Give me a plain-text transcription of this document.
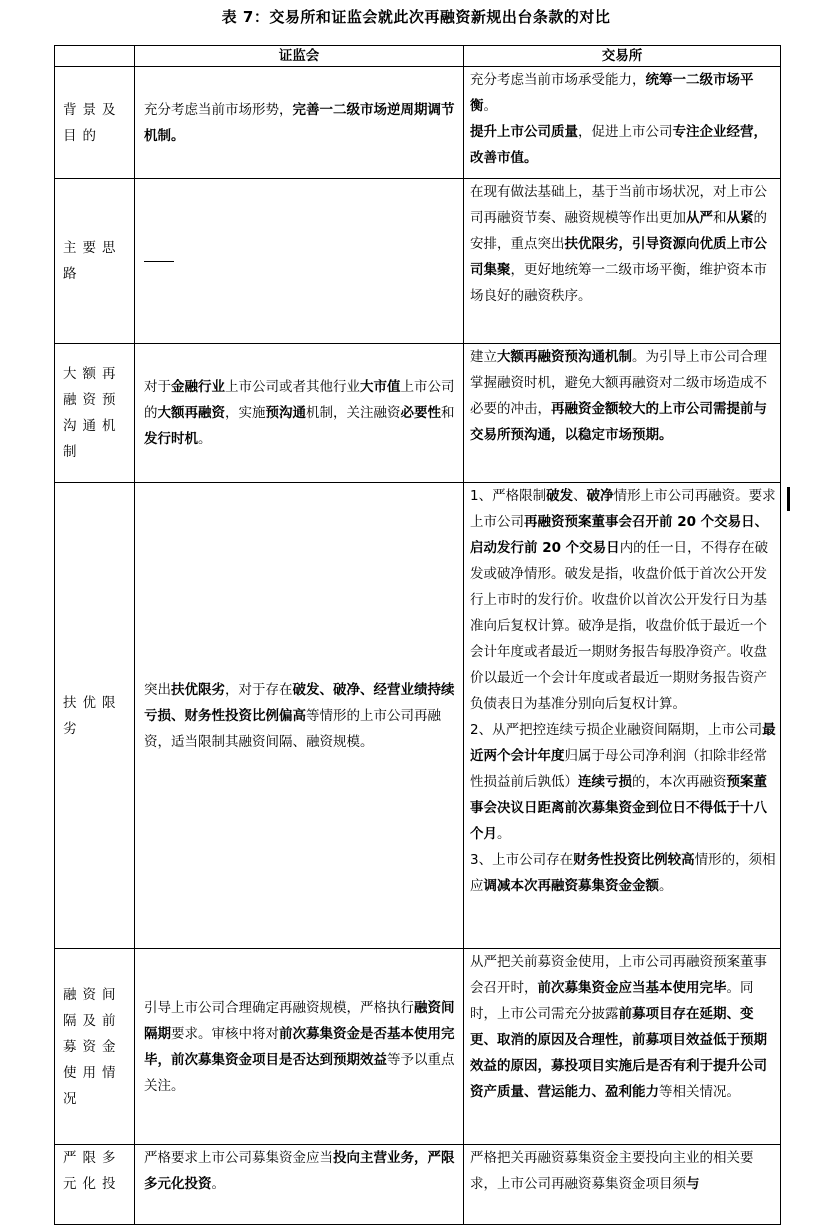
表 7：交易所和证监会就此次再融资新规出台条款的对比
	证监会	交易所
背景及目的	充分考虑当前市场形势，完善一二级市场逆周期调节机制。	充分考虑当前市场承受能力，统筹一二级市场平衡。
提升上市公司质量，促进上市公司专注企业经营，改善市值。
主要思路		在现有做法基础上，基于当前市场状况，对上市公司再融资节奏、融资规模等作出更加从严和从紧的安排，重点突出扶优限劣，引导资源向优质上市公司集聚，更好地统筹一二级市场平衡，维护资本市场良好的融资秩序。
大额再融资预沟通机制	对于金融行业上市公司或者其他行业大市值上市公司的大额再融资，实施预沟通机制，关注融资必要性和发行时机。	建立大额再融资预沟通机制。为引导上市公司合理掌握融资时机，避免大额再融资对二级市场造成不必要的冲击，再融资金额较大的上市公司需提前与交易所预沟通，以稳定市场预期。
扶优限劣	突出扶优限劣，对于存在破发、破净、经营业绩持续亏损、财务性投资比例偏高等情形的上市公司再融资，适当限制其融资间隔、融资规模。	1、严格限制破发、破净情形上市公司再融资。要求上市公司再融资预案董事会召开前 20 个交易日、启动发行前 20 个交易日内的任一日，不得存在破发或破净情形。破发是指，收盘价低于首次公开发行上市时的发行价。收盘价以首次公开发行日为基准向后复权计算。破净是指，收盘价低于最近一个会计年度或者最近一期财务报告每股净资产。收盘价以最近一个会计年度或者最近一期财务报告资产负债表日为基准分别向后复权计算。
2、从严把控连续亏损企业融资间隔期，上市公司最近两个会计年度归属于母公司净利润（扣除非经常性损益前后孰低）连续亏损的，本次再融资预案董事会决议日距离前次募集资金到位日不得低于十八个月。
3、上市公司存在财务性投资比例较高情形的，须相应调减本次再融资募集资金金额。
融资间隔及前募资金使用情况	引导上市公司合理确定再融资规模，严格执行融资间隔期要求。审核中将对前次募集资金是否基本使用完毕，前次募集资金项目是否达到预期效益等予以重点关注。	从严把关前募资金使用，上市公司再融资预案董事会召开时，前次募集资金应当基本使用完毕。同时，上市公司需充分披露前募项目存在延期、变更、取消的原因及合理性，前募项目效益低于预期效益的原因，募投项目实施后是否有利于提升公司资产质量、营运能力、盈利能力等相关情况。
严限多元化投	严格要求上市公司募集资金应当投向主营业务，严限多元化投资。	严格把关再融资募集资金主要投向主业的相关要求，上市公司再融资募集资金项目须与
